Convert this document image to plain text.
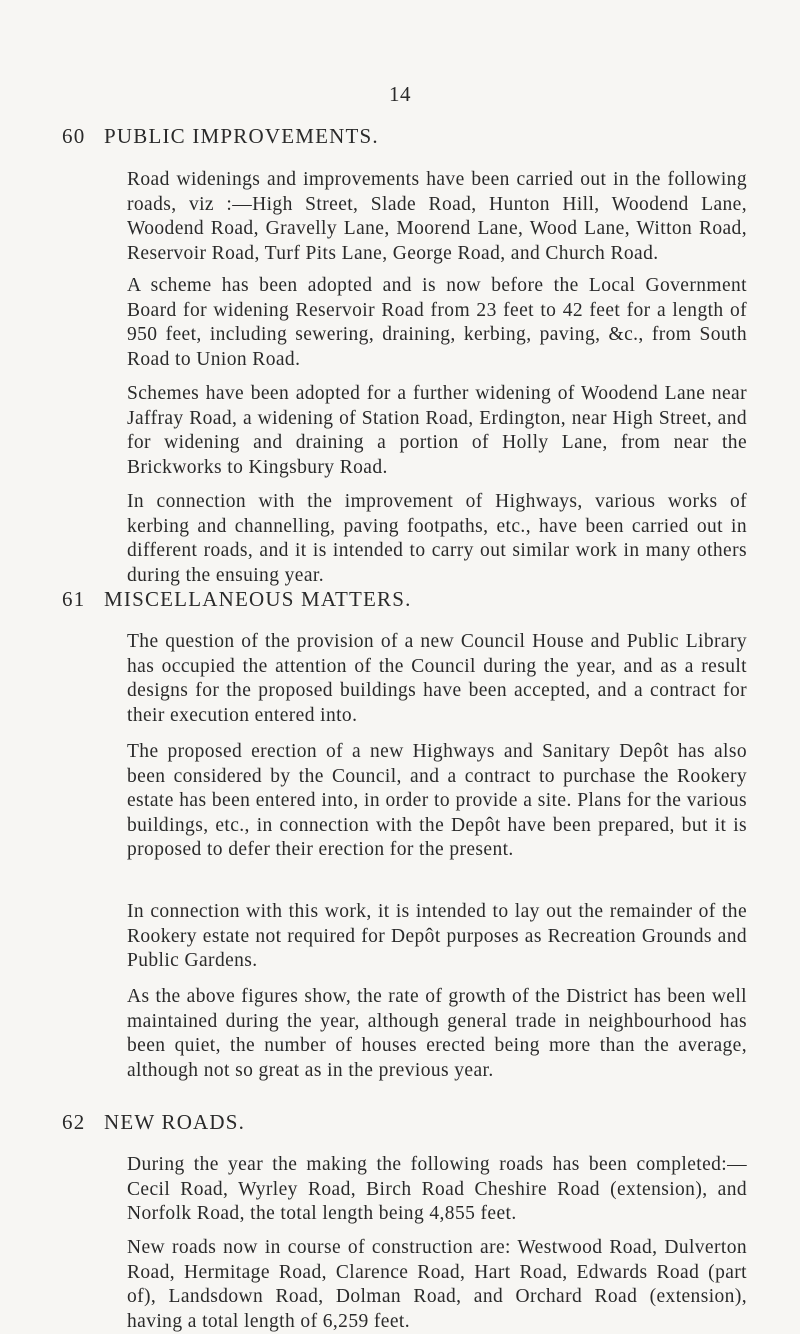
14
60 PUBLIC IMPROVEMENTS.

Road widenings and improvements have been carried out in the following roads, viz :—High Street, Slade Road, Hunton Hill, Woodend Lane, Woodend Road, Gravelly Lane, Moorend Lane, Wood Lane, Witton Road, Reservoir Road, Turf Pits Lane, George Road, and Church Road.

A scheme has been adopted and is now before the Local Government Board for widening Reservoir Road from 23 feet to 42 feet for a length of 950 feet, including sewering, draining, kerbing, paving, &c., from South Road to Union Road.

Schemes have been adopted for a further widening of Woodend Lane near Jaffray Road, a widening of Station Road, Erdington, near High Street, and for widening and draining a portion of Holly Lane, from near the Brickworks to Kingsbury Road.

In connection with the improvement of Highways, various works of kerbing and channelling, paving footpaths, etc., have been carried out in different roads, and it is intended to carry out similar work in many others during the ensuing year.

61 MISCELLANEOUS MATTERS.

The question of the provision of a new Council House and Public Library has occupied the attention of the Council during the year, and as a result designs for the proposed buildings have been accepted, and a contract for their execution entered into.

The proposed erection of a new Highways and Sanitary Depôt has also been considered by the Council, and a contract to purchase the Rookery estate has been entered into, in order to provide a site. Plans for the various buildings, etc., in connection with the Depôt have been prepared, but it is proposed to defer their erection for the present.

In connection with this work, it is intended to lay out the remainder of the Rookery estate not required for Depôt purposes as Recreation Grounds and Public Gardens.

As the above figures show, the rate of growth of the District has been well maintained during the year, although general trade in neighbourhood has been quiet, the number of houses erected being more than the average, although not so great as in the previous year.

62 NEW ROADS.

During the year the making the following roads has been completed:—Cecil Road, Wyrley Road, Birch Road Cheshire Road (extension), and Norfolk Road, the total length being 4,855 feet.

New roads now in course of construction are: Westwood Road, Dulverton Road, Hermitage Road, Clarence Road, Hart Road, Edwards Road (part of), Landsdown Road, Dolman Road, and Orchard Road (extension), having a total length of 6,259 feet.
